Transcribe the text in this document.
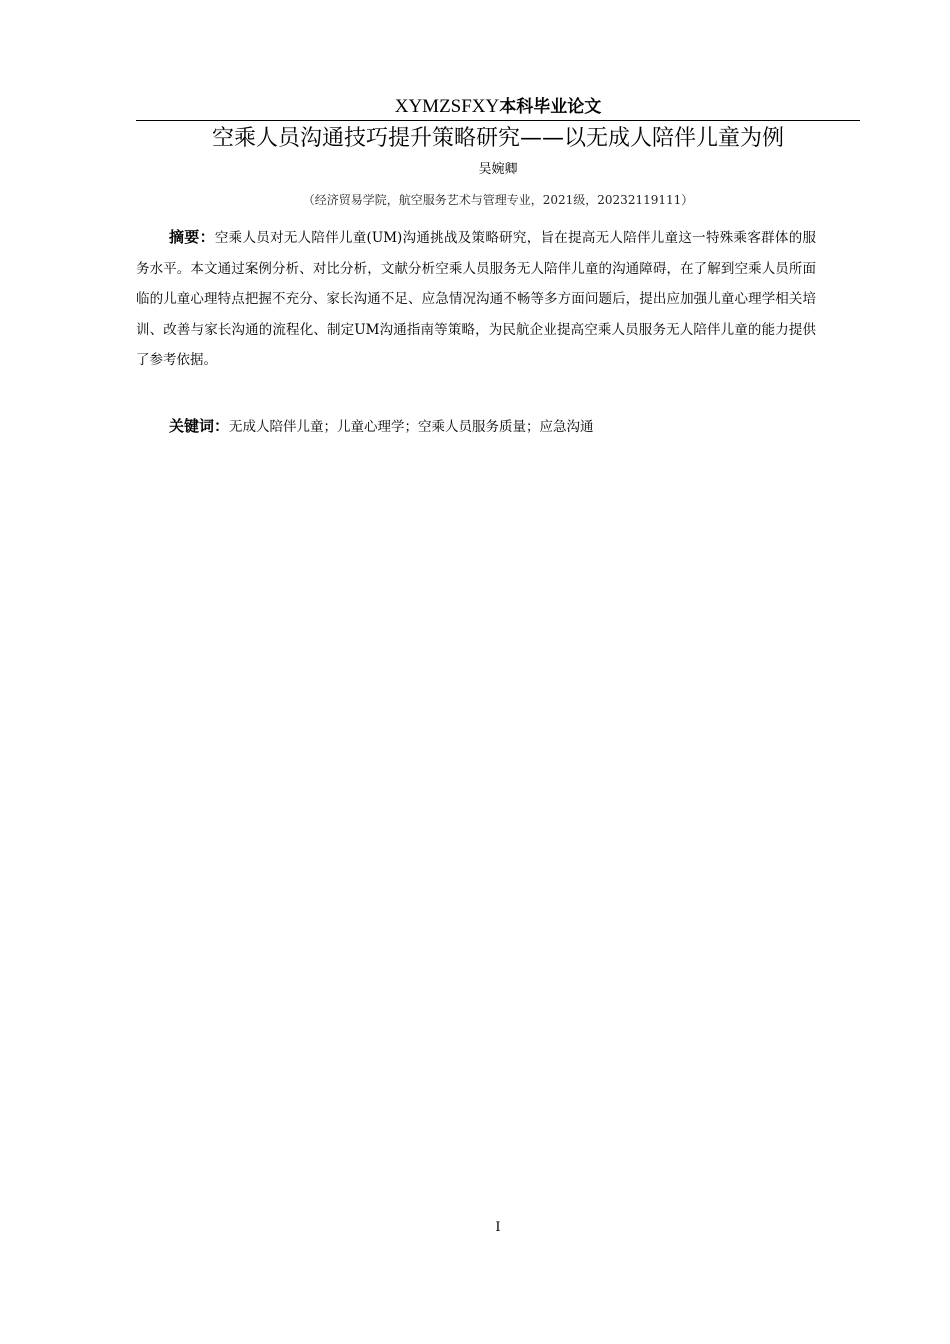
XYMZSFXY本科毕业论文
空乘人员沟通技巧提升策略研究——以无成人陪伴儿童为例
吴婉卿
（经济贸易学院，航空服务艺术与管理专业，2021级，20232119111）
摘要：空乘人员对无人陪伴儿童(UM)沟通挑战及策略研究，旨在提高无人陪伴儿童这一特殊乘客群体的服务水平。本文通过案例分析、对比分析，文献分析空乘人员服务无人陪伴儿童的沟通障碍，在了解到空乘人员所面临的儿童心理特点把握不充分、家长沟通不足、应急情况沟通不畅等多方面问题后，提出应加强儿童心理学相关培训、改善与家长沟通的流程化、制定UM沟通指南等策略，为民航企业提高空乘人员服务无人陪伴儿童的能力提供了参考依据。
关键词：无成人陪伴儿童；儿童心理学；空乘人员服务质量；应急沟通
I
